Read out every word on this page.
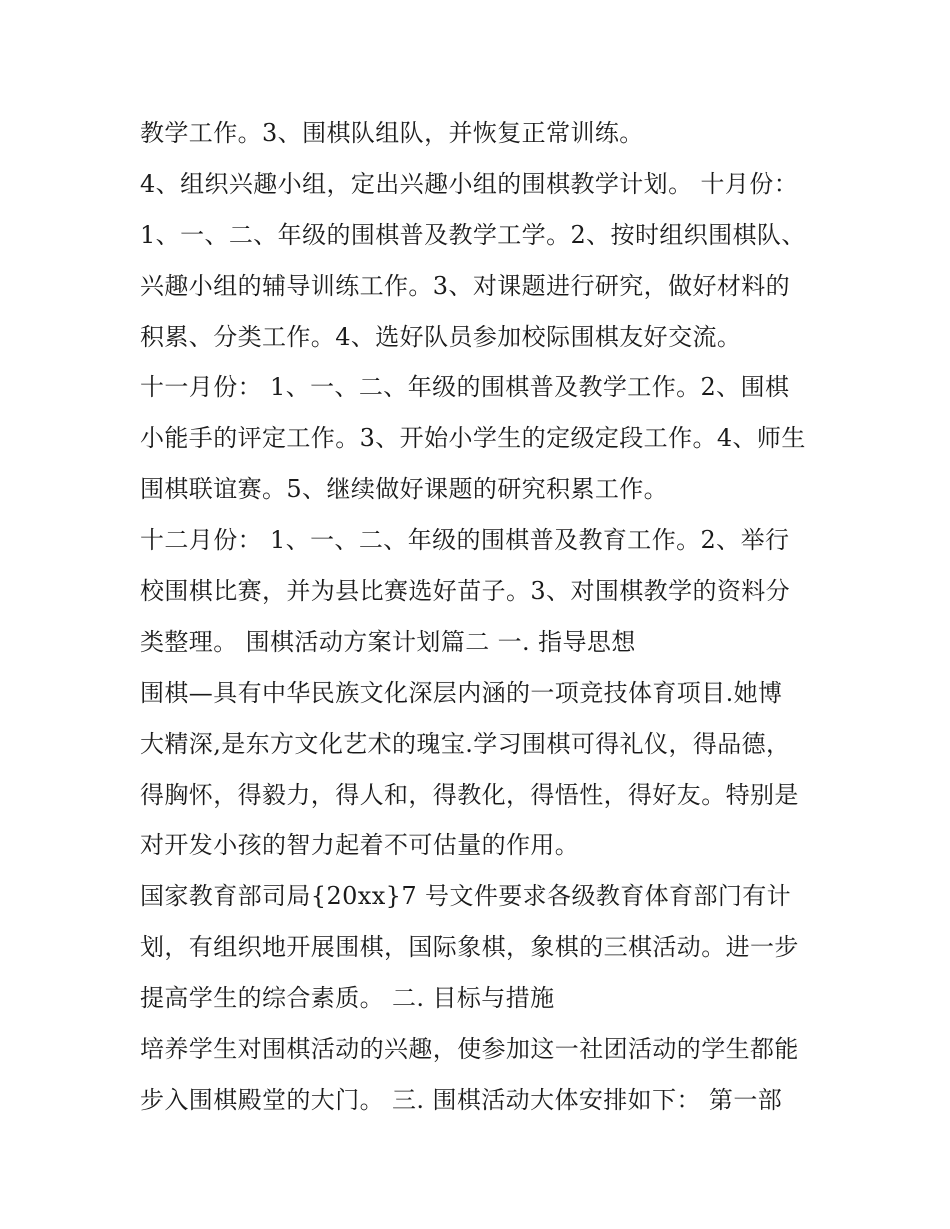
教学工作。3、围棋队组队，并恢复正常训练。
4、组织兴趣小组，定出兴趣小组的围棋教学计划。 十月份：
1、一、二、年级的围棋普及教学工学。2、按时组织围棋队、
兴趣小组的辅导训练工作。3、对课题进行研究，做好材料的
积累、分类工作。4、选好队员参加校际围棋友好交流。
十一月份： 1、一、二、年级的围棋普及教学工作。2、围棋
小能手的评定工作。3、开始小学生的定级定段工作。4、师生
围棋联谊赛。5、继续做好课题的研究积累工作。
十二月份： 1、一、二、年级的围棋普及教育工作。2、举行
校围棋比赛，并为县比赛选好苗子。3、对围棋教学的资料分
类整理。 围棋活动方案计划篇二 一. 指导思想
围棋—具有中华民族文化深层内涵的一项竞技体育项目.她博
大精深,是东方文化艺术的瑰宝.学习围棋可得礼仪，得品德，
得胸怀，得毅力，得人和，得教化，得悟性，得好友。特别是
对开发小孩的智力起着不可估量的作用。
国家教育部司局{20xx}7 号文件要求各级教育体育部门有计
划，有组织地开展围棋，国际象棋，象棋的三棋活动。进一步
提高学生的综合素质。 二. 目标与措施
培养学生对围棋活动的兴趣，使参加这一社团活动的学生都能
步入围棋殿堂的大门。 三. 围棋活动大体安排如下： 第一部
